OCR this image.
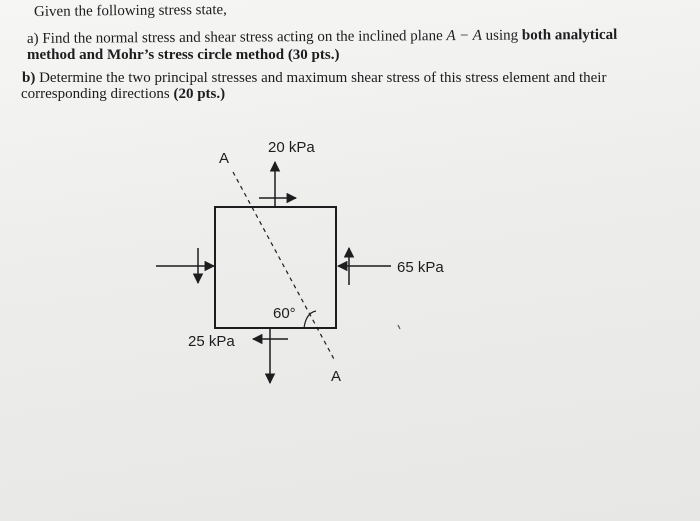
Given the following stress state,
a) Find the normal stress and shear stress acting on the inclined plane A − A using both analytical
method and Mohr’s stress circle method (30 pts.)
b) Determine the two principal stresses and maximum shear stress of this stress element and their
corresponding directions (20 pts.)
20 kPa
65 kPa
25 kPa
60°
A
A
